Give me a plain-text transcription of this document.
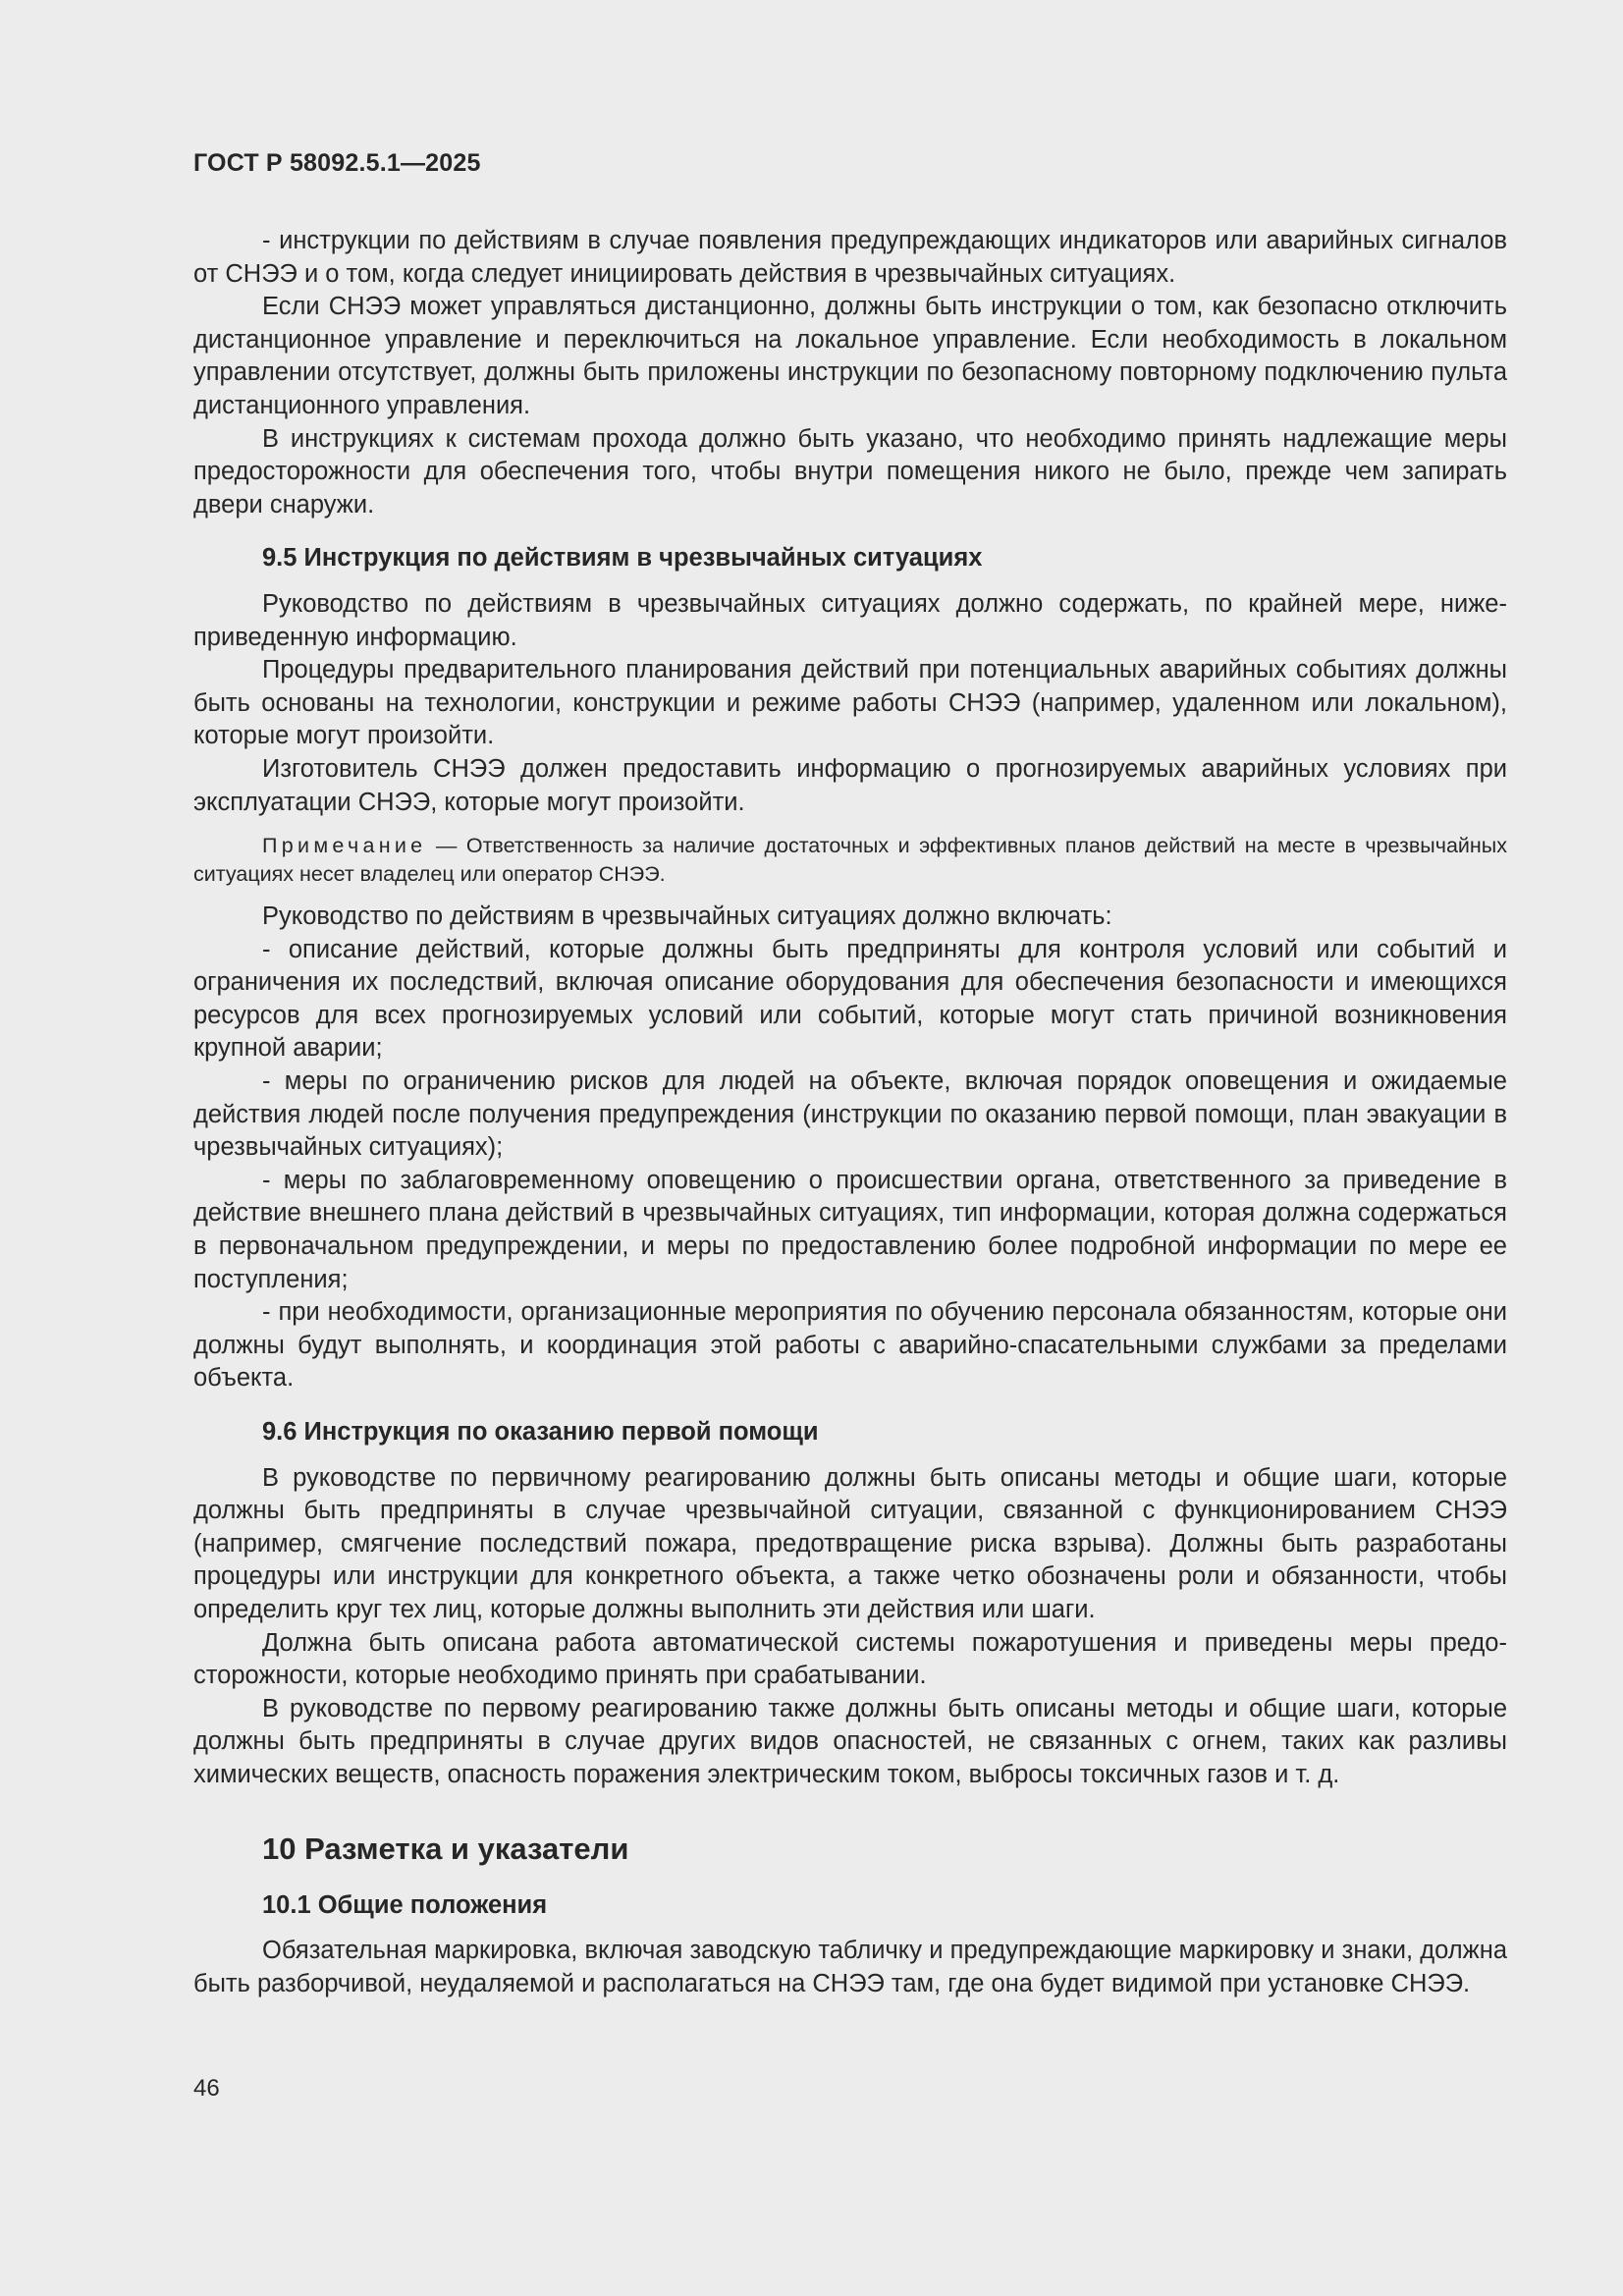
ГОСТ Р 58092.5.1—2025

- инструкции по действиям в случае появления предупреждающих индикаторов или аварийных сигналов от СНЭЭ и о том, когда следует инициировать действия в чрезвычайных ситуациях.

Если СНЭЭ может управляться дистанционно, должны быть инструкции о том, как безопасно отключить дистанционное управление и переключиться на локальное управление. Если необходимость в локальном управлении отсутствует, должны быть приложены инструкции по безопасному повторному подключению пульта дистанционного управления.

В инструкциях к системам прохода должно быть указано, что необходимо принять надлежащие меры предосторожности для обеспечения того, чтобы внутри помещения никого не было, прежде чем запирать двери снаружи.

9.5 Инструкция по действиям в чрезвычайных ситуациях

Руководство по действиям в чрезвычайных ситуациях должно содержать, по крайней мере, нижеприведенную информацию.

Процедуры предварительного планирования действий при потенциальных аварийных событиях должны быть основаны на технологии, конструкции и режиме работы СНЭЭ (например, удаленном или локальном), которые могут произойти.

Изготовитель СНЭЭ должен предоставить информацию о прогнозируемых аварийных условиях при эксплуатации СНЭЭ, которые могут произойти.

Примечание — Ответственность за наличие достаточных и эффективных планов действий на месте в чрезвычайных ситуациях несет владелец или оператор СНЭЭ.

Руководство по действиям в чрезвычайных ситуациях должно включать:

- описание действий, которые должны быть предприняты для контроля условий или событий и ограничения их последствий, включая описание оборудования для обеспечения безопасности и имеющихся ресурсов для всех прогнозируемых условий или событий, которые могут стать причиной возникновения крупной аварии;

- меры по ограничению рисков для людей на объекте, включая порядок оповещения и ожидаемые действия людей после получения предупреждения (инструкции по оказанию первой помощи, план эвакуации в чрезвычайных ситуациях);

- меры по заблаговременному оповещению о происшествии органа, ответственного за приведение в действие внешнего плана действий в чрезвычайных ситуациях, тип информации, которая должна содержаться в первоначальном предупреждении, и меры по предоставлению более подробной информации по мере ее поступления;

- при необходимости, организационные мероприятия по обучению персонала обязанностям, которые они должны будут выполнять, и координация этой работы с аварийно-спасательными службами за пределами объекта.

9.6 Инструкция по оказанию первой помощи

В руководстве по первичному реагированию должны быть описаны методы и общие шаги, которые должны быть предприняты в случае чрезвычайной ситуации, связанной с функционированием СНЭЭ (например, смягчение последствий пожара, предотвращение риска взрыва). Должны быть разработаны процедуры или инструкции для конкретного объекта, а также четко обозначены роли и обязанности, чтобы определить круг тех лиц, которые должны выполнить эти действия или шаги.

Должна быть описана работа автоматической системы пожаротушения и приведены меры предосторожности, которые необходимо принять при срабатывании.

В руководстве по первому реагированию также должны быть описаны методы и общие шаги, которые должны быть предприняты в случае других видов опасностей, не связанных с огнем, таких как разливы химических веществ, опасность поражения электрическим током, выбросы токсичных газов и т. д.

10 Разметка и указатели
10.1 Общие положения

Обязательная маркировка, включая заводскую табличку и предупреждающие маркировку и знаки, должна быть разборчивой, неудаляемой и располагаться на СНЭЭ там, где она будет видимой при установке СНЭЭ.

46
